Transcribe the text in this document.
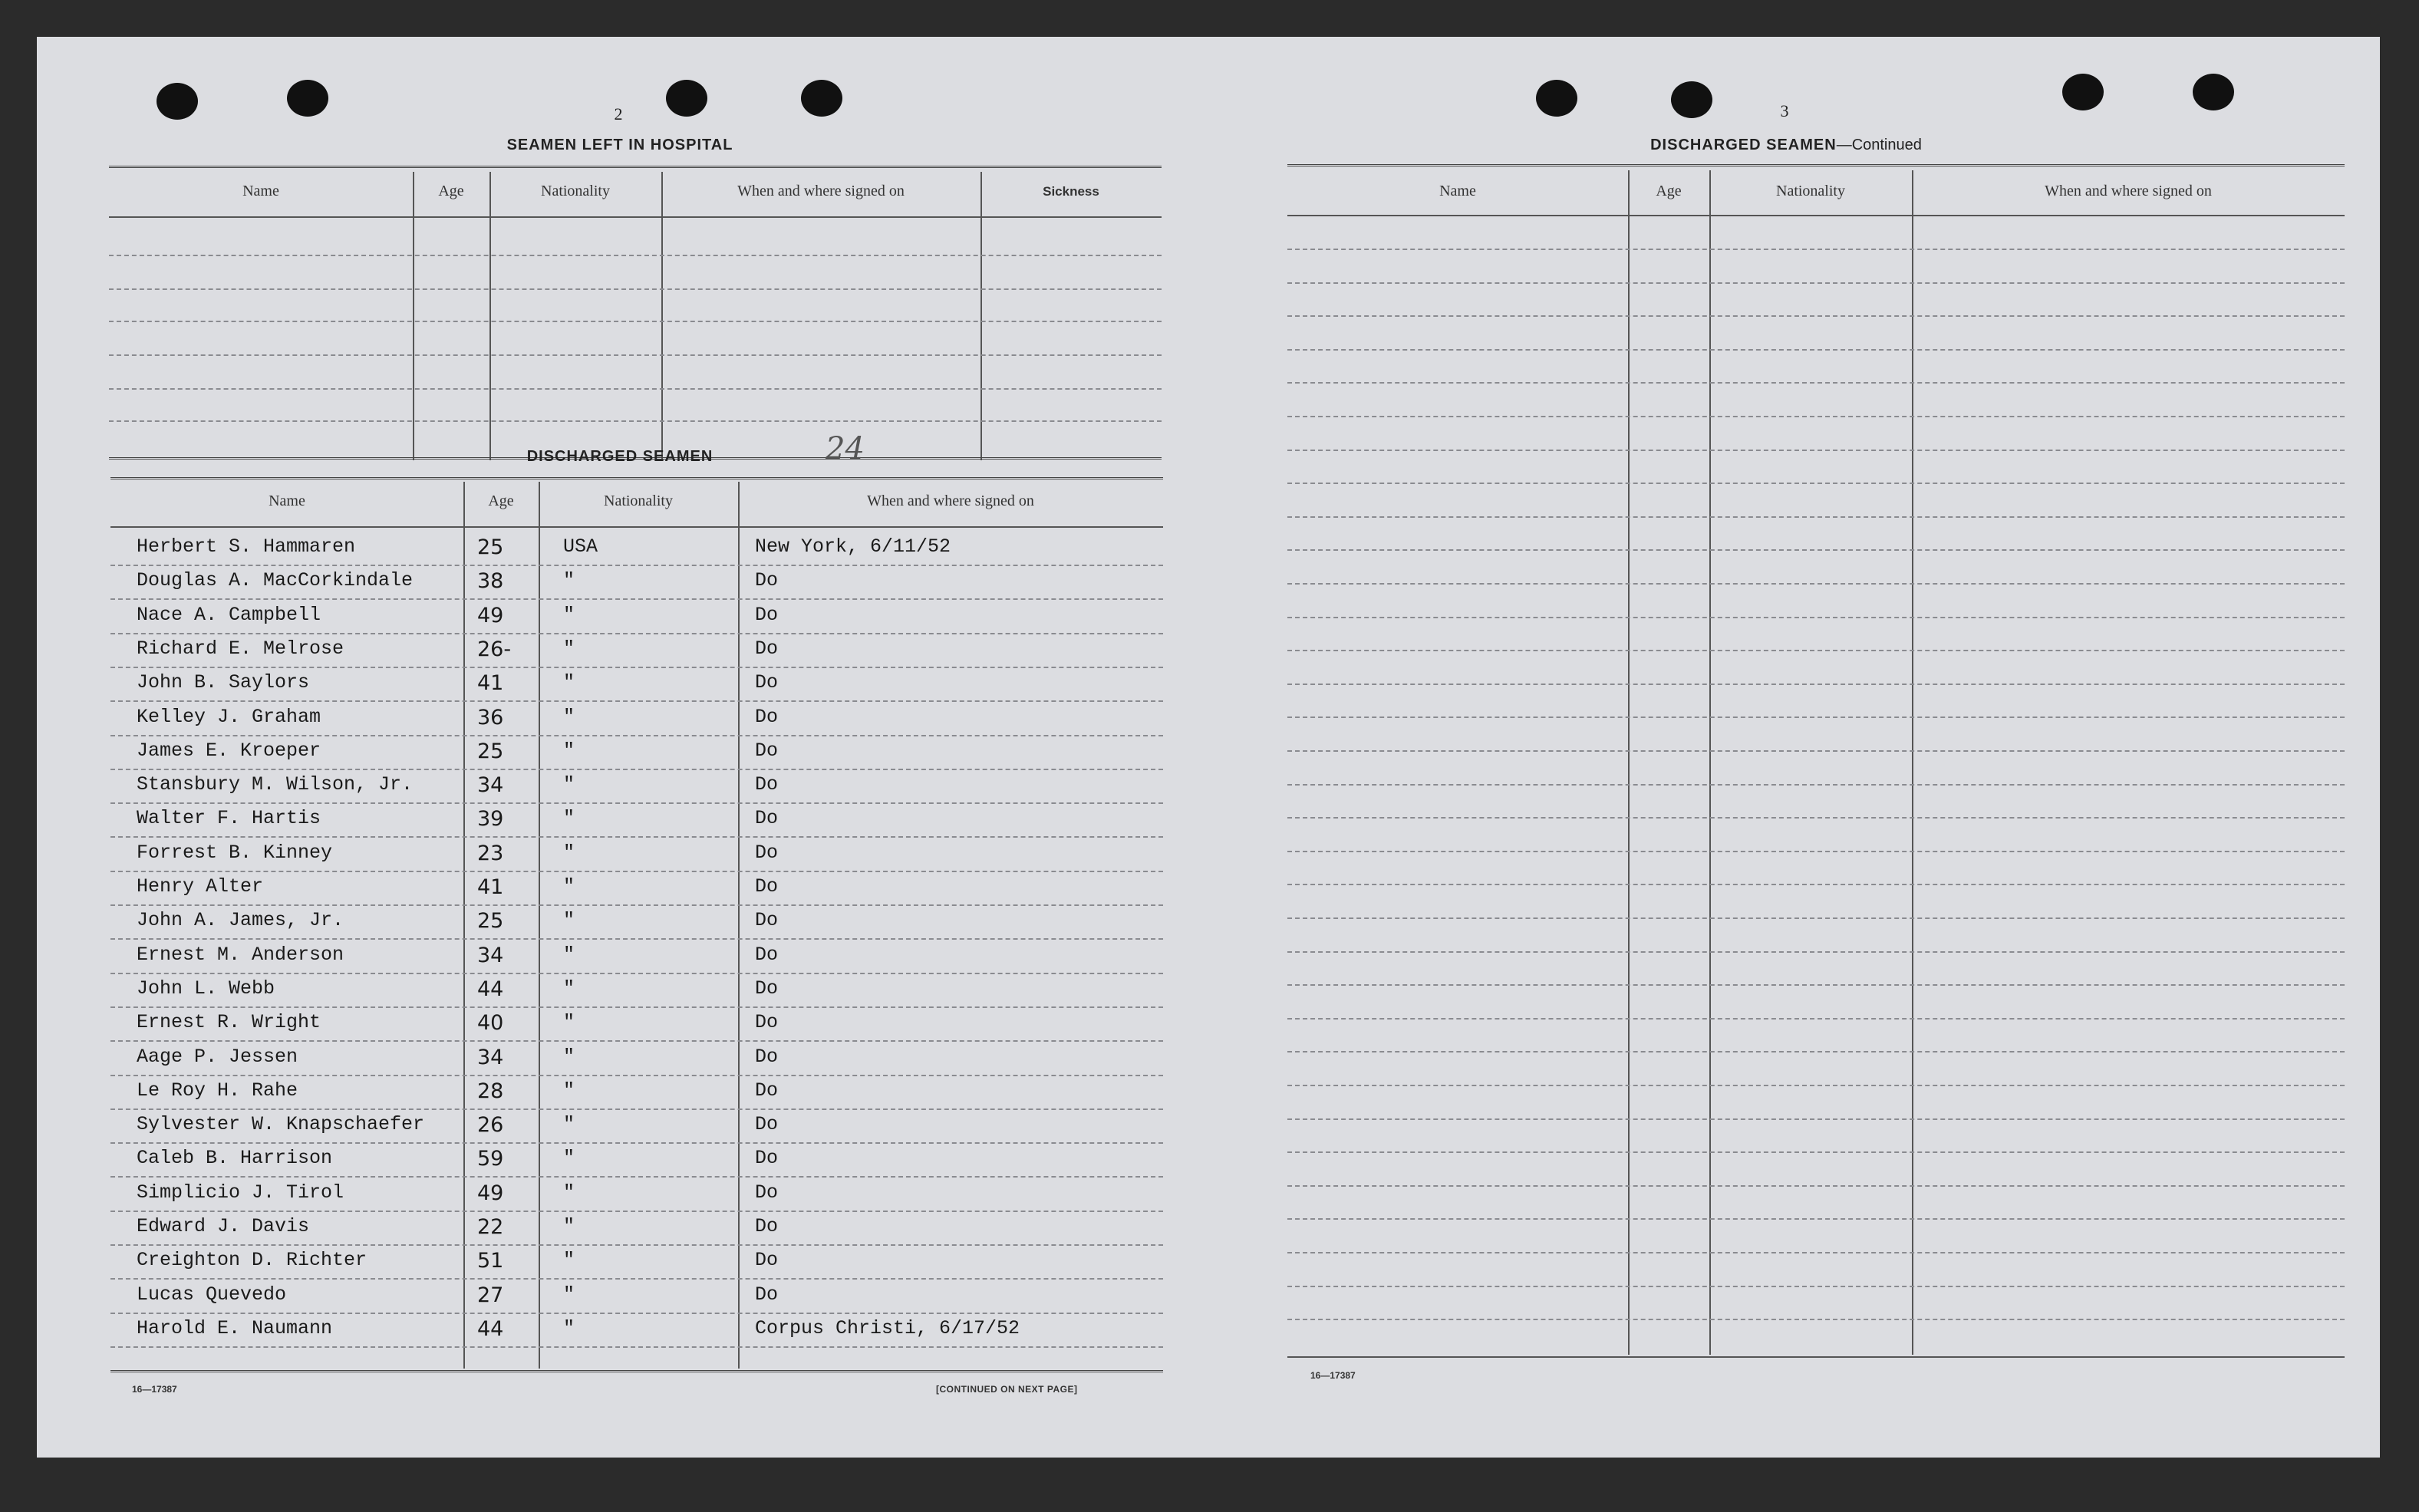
2
SEAMEN LEFT IN HOSPITAL
Name	Age	Nationality	When and where signed on	Sickness
DISCHARGED SEAMEN	24
Name	Age	Nationality	When and where signed on
Herbert S. Hammaren	25	USA	New York, 6/11/52
Douglas A. MacCorkindale	38	"	Do
Nace A. Campbell	49	"	Do
Richard E. Melrose	26-	"	Do
John B. Saylors	41	"	Do
Kelley J. Graham	36	"	Do
James E. Kroeper	25	"	Do
Stansbury M. Wilson, Jr.	34	"	Do
Walter F. Hartis	39	"	Do
Forrest B. Kinney	23	"	Do
Henry Alter	41	"	Do
John A. James, Jr.	25	"	Do
Ernest M. Anderson	34	"	Do
John L. Webb	44	"	Do
Ernest R. Wright	40	"	Do
Aage P. Jessen	34	"	Do
Le Roy H. Rahe	28	"	Do
Sylvester W. Knapschaefer	26	"	Do
Caleb B. Harrison	59	"	Do
Simplicio J. Tirol	49	"	Do
Edward J. Davis	22	"	Do
Creighton D. Richter	51	"	Do
Lucas Quevedo	27	"	Do
Harold E. Naumann	44	"	Corpus Christi, 6/17/52
16—17387	[CONTINUED ON NEXT PAGE]
3
DISCHARGED SEAMEN—Continued
Name	Age	Nationality	When and where signed on
16—17387
